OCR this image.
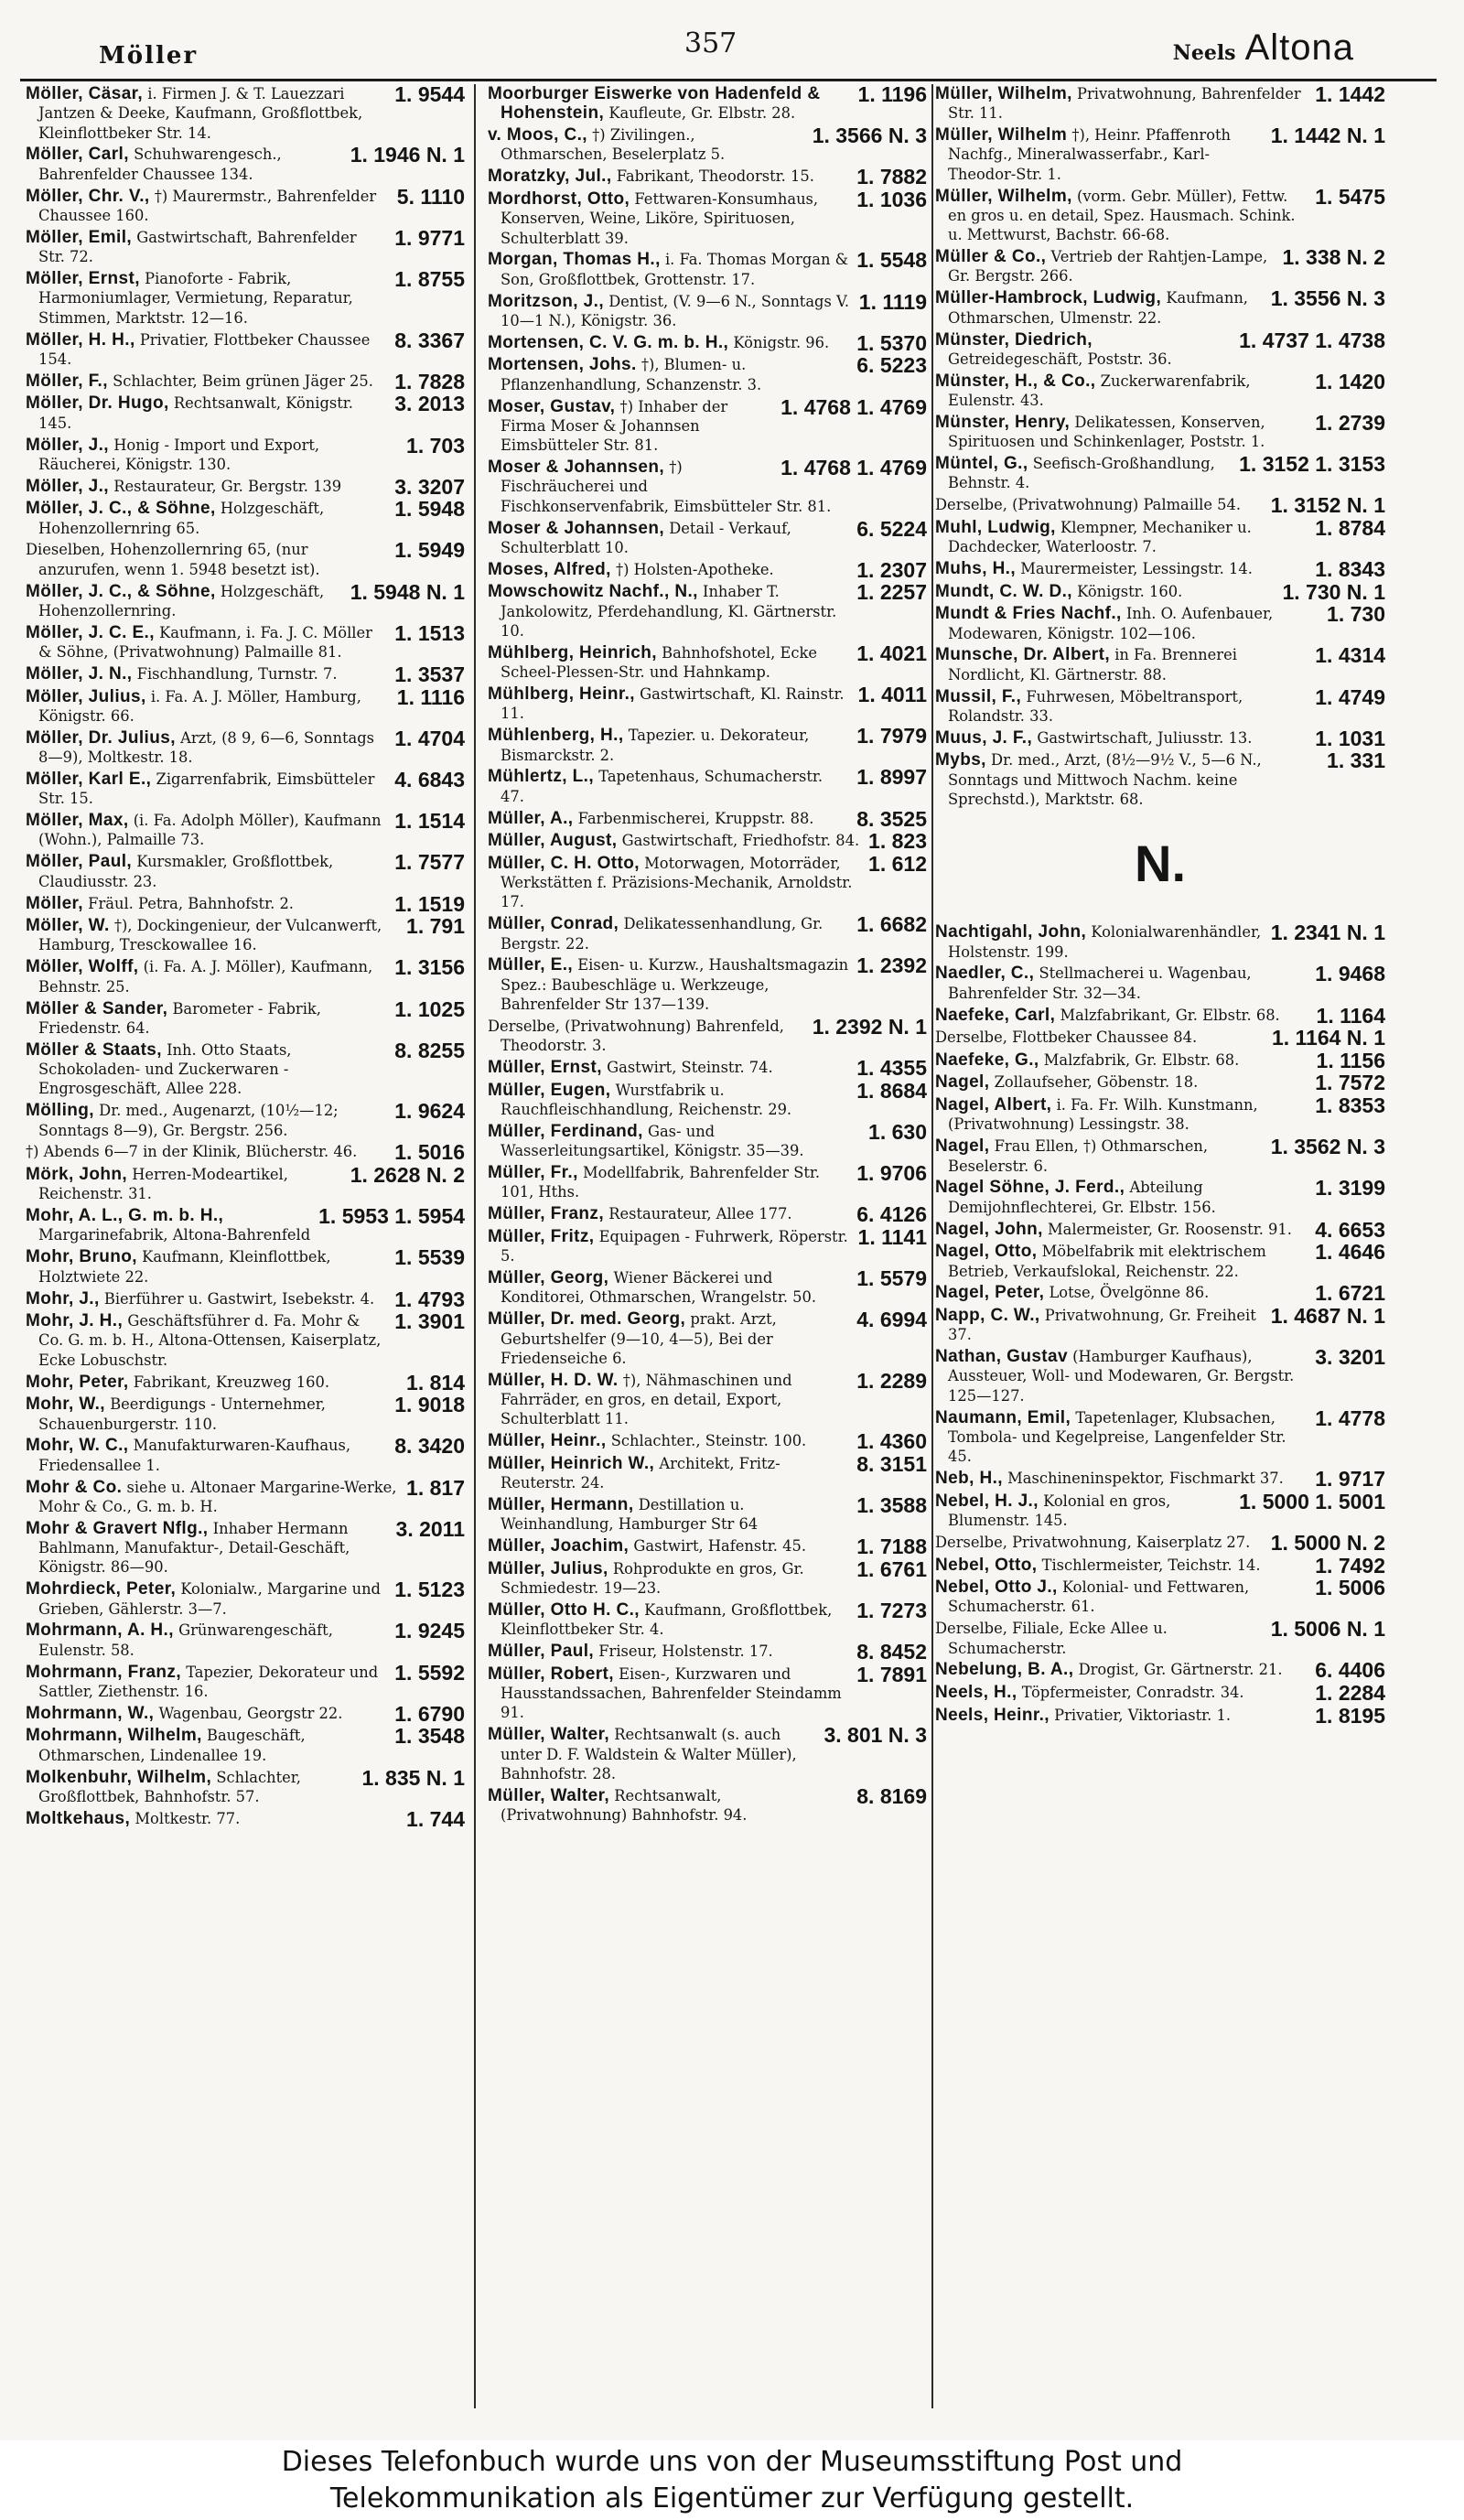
Möller	357	Neels Altona
1. 9544
Möller, Cäsar, i. Firmen J. & T. Lauezzari Jantzen & Deeke, Kaufmann, Großflottbek, Kleinflottbeker Str. 14.
1. 1946 N. 1
Möller, Carl, Schuhwarengesch., Bahrenfelder Chaussee 134.
5. 1110
Möller, Chr. V., †) Maurermstr., Bahrenfelder Chaussee 160.
1. 9771
Möller, Emil, Gastwirtschaft, Bahrenfelder Str. 72.
1. 8755
Möller, Ernst, Pianoforte - Fabrik, Harmoniumlager, Vermietung, Reparatur, Stimmen, Marktstr. 12—16.
8. 3367
Möller, H. H., Privatier, Flottbeker Chaussee 154.
1. 7828
Möller, F., Schlachter, Beim grünen Jäger 25.
3. 2013
Möller, Dr. Hugo, Rechtsanwalt, Königstr. 145.
1. 703
Möller, J., Honig - Import und Export, Räucherei, Königstr. 130.
3. 3207
Möller, J., Restaurateur, Gr. Bergstr. 139
1. 5948
Möller, J. C., & Söhne, Holzgeschäft, Hohenzollernring 65.
1. 5949
Dieselben, Hohenzollernring 65, (nur anzurufen, wenn 1. 5948 besetzt ist).
1. 5948 N. 1
Möller, J. C., & Söhne, Holzgeschäft, Hohenzollernring.
1. 1513
Möller, J. C. E., Kaufmann, i. Fa. J. C. Möller & Söhne, (Privatwohnung) Palmaille 81.
1. 3537
Möller, J. N., Fischhandlung, Turnstr. 7.
1. 1116
Möller, Julius, i. Fa. A. J. Möller, Hamburg, Königstr. 66.
1. 4704
Möller, Dr. Julius, Arzt, (8 9, 6—6, Sonntags 8—9), Moltkestr. 18.
4. 6843
Möller, Karl E., Zigarrenfabrik, Eimsbütteler Str. 15.
1. 1514
Möller, Max, (i. Fa. Adolph Möller), Kaufmann (Wohn.), Palmaille 73.
1. 7577
Möller, Paul, Kursmakler, Großflottbek, Claudiusstr. 23.
1. 1519
Möller, Fräul. Petra, Bahnhofstr. 2.
1. 791
Möller, W. †), Dockingenieur, der Vulcanwerft, Hamburg, Tresckowallee 16.
1. 3156
Möller, Wolff, (i. Fa. A. J. Möller), Kaufmann, Behnstr. 25.
1. 1025
Möller & Sander, Barometer - Fabrik, Friedenstr. 64.
8. 8255
Möller & Staats, Inh. Otto Staats, Schokoladen- und Zuckerwaren - Engrosgeschäft, Allee 228.
1. 9624
Mölling, Dr. med., Augenarzt, (10½—12; Sonntags 8—9), Gr. Bergstr. 256.
1. 5016
†) Abends 6—7 in der Klinik, Blücherstr. 46.
1. 2628 N. 2
Mörk, John, Herren-Modeartikel, Reichenstr. 31.
1. 5953 1. 5954
Mohr, A. L., G. m. b. H., Margarinefabrik, Altona-Bahrenfeld
1. 5539
Mohr, Bruno, Kaufmann, Kleinflottbek, Holztwiete 22.
1. 4793
Mohr, J., Bierführer u. Gastwirt, Isebekstr. 4.
1. 3901
Mohr, J. H., Geschäftsführer d. Fa. Mohr & Co. G. m. b. H., Altona-Ottensen, Kaiserplatz, Ecke Lobuschstr.
1. 814
Mohr, Peter, Fabrikant, Kreuzweg 160.
1. 9018
Mohr, W., Beerdigungs - Unternehmer, Schauenburgerstr. 110.
8. 3420
Mohr, W. C., Manufakturwaren-Kaufhaus, Friedensallee 1.
1. 817
Mohr & Co. siehe u. Altonaer Margarine-Werke, Mohr & Co., G. m. b. H.
3. 2011
Mohr & Gravert Nflg., Inhaber Hermann Bahlmann, Manufaktur-, Detail-Geschäft, Königstr. 86—90.
1. 5123
Mohrdieck, Peter, Kolonialw., Margarine und Grieben, Gählerstr. 3—7.
1. 9245
Mohrmann, A. H., Grünwarengeschäft, Eulenstr. 58.
1. 5592
Mohrmann, Franz, Tapezier, Dekorateur und Sattler, Ziethenstr. 16.
1. 6790
Mohrmann, W., Wagenbau, Georgstr 22.
1. 3548
Mohrmann, Wilhelm, Baugeschäft, Othmarschen, Lindenallee 19.
1. 835 N. 1
Molkenbuhr, Wilhelm, Schlachter, Großflottbek, Bahnhofstr. 57.
1. 744
Moltkehaus, Moltkestr. 77.
1. 1196
Moorburger Eiswerke von Hadenfeld & Hohenstein, Kaufleute, Gr. Elbstr. 28.
1. 3566 N. 3
v. Moos, C., †) Zivilingen., Othmarschen, Beselerplatz 5.
1. 7882
Moratzky, Jul., Fabrikant, Theodorstr. 15.
1. 1036
Mordhorst, Otto, Fettwaren-Konsumhaus, Konserven, Weine, Liköre, Spirituosen, Schulterblatt 39.
1. 5548
Morgan, Thomas H., i. Fa. Thomas Morgan & Son, Großflottbek, Grottenstr. 17.
1. 1119
Moritzson, J., Dentist, (V. 9—6 N., Sonntags V. 10—1 N.), Königstr. 36.
1. 5370
Mortensen, C. V. G. m. b. H., Königstr. 96.
6. 5223
Mortensen, Johs. †), Blumen- u. Pflanzenhandlung, Schanzenstr. 3.
1. 4768 1. 4769
Moser, Gustav, †) Inhaber der Firma Moser & Johannsen Eimsbütteler Str. 81.
1. 4768 1. 4769
Moser & Johannsen, †) Fischräucherei und Fischkonservenfabrik, Eimsbütteler Str. 81.
6. 5224
Moser & Johannsen, Detail - Verkauf, Schulterblatt 10.
1. 2307
Moses, Alfred, †) Holsten-Apotheke.
1. 2257
Mowschowitz Nachf., N., Inhaber T. Jankolowitz, Pferdehandlung, Kl. Gärtnerstr. 10.
1. 4021
Mühlberg, Heinrich, Bahnhofshotel, Ecke Scheel-Plessen-Str. und Hahnkamp.
1. 4011
Mühlberg, Heinr., Gastwirtschaft, Kl. Rainstr. 11.
1. 7979
Mühlenberg, H., Tapezier. u. Dekorateur, Bismarckstr. 2.
1. 8997
Mühlertz, L., Tapetenhaus, Schumacherstr. 47.
8. 3525
Müller, A., Farbenmischerei, Kruppstr. 88.
1. 823
Müller, August, Gastwirtschaft, Friedhofstr. 84.
1. 612
Müller, C. H. Otto, Motorwagen, Motorräder, Werkstätten f. Präzisions-Mechanik, Arnoldstr. 17.
1. 6682
Müller, Conrad, Delikatessenhandlung, Gr. Bergstr. 22.
1. 2392
Müller, E., Eisen- u. Kurzw., Haushaltsmagazin Spez.: Baubeschläge u. Werkzeuge, Bahrenfelder Str 137—139.
1. 2392 N. 1
Derselbe, (Privatwohnung) Bahrenfeld, Theodorstr. 3.
1. 4355
Müller, Ernst, Gastwirt, Steinstr. 74.
1. 8684
Müller, Eugen, Wurstfabrik u. Rauchfleischhandlung, Reichenstr. 29.
1. 630
Müller, Ferdinand, Gas- und Wasserleitungsartikel, Königstr. 35—39.
1. 9706
Müller, Fr., Modellfabrik, Bahrenfelder Str. 101, Hths.
6. 4126
Müller, Franz, Restaurateur, Allee 177.
1. 1141
Müller, Fritz, Equipagen - Fuhrwerk, Röperstr. 5.
1. 5579
Müller, Georg, Wiener Bäckerei und Konditorei, Othmarschen, Wrangelstr. 50.
4. 6994
Müller, Dr. med. Georg, prakt. Arzt, Geburtshelfer (9—10, 4—5), Bei der Friedenseiche 6.
1. 2289
Müller, H. D. W. †), Nähmaschinen und Fahrräder, en gros, en detail, Export, Schulterblatt 11.
1. 4360
Müller, Heinr., Schlachter., Steinstr. 100.
8. 3151
Müller, Heinrich W., Architekt, Fritz-Reuterstr. 24.
1. 3588
Müller, Hermann, Destillation u. Weinhandlung, Hamburger Str 64
1. 7188
Müller, Joachim, Gastwirt, Hafenstr. 45.
1. 6761
Müller, Julius, Rohprodukte en gros, Gr. Schmiedestr. 19—23.
1. 7273
Müller, Otto H. C., Kaufmann, Großflottbek, Kleinflottbeker Str. 4.
8. 8452
Müller, Paul, Friseur, Holstenstr. 17.
1. 7891
Müller, Robert, Eisen-, Kurzwaren und Hausstandssachen, Bahrenfelder Steindamm 91.
3. 801 N. 3
Müller, Walter, Rechtsanwalt (s. auch unter D. F. Waldstein & Walter Müller), Bahnhofstr. 28.
8. 8169
Müller, Walter, Rechtsanwalt, (Privatwohnung) Bahnhofstr. 94.
1. 1442
Müller, Wilhelm, Privatwohnung, Bahrenfelder Str. 11.
1. 1442 N. 1
Müller, Wilhelm †), Heinr. Pfaffenroth Nachfg., Mineralwasserfabr., Karl-Theodor-Str. 1.
1. 5475
Müller, Wilhelm, (vorm. Gebr. Müller), Fettw. en gros u. en detail, Spez. Hausmach. Schink. u. Mettwurst, Bachstr. 66-68.
1. 338 N. 2
Müller & Co., Vertrieb der Rahtjen-Lampe, Gr. Bergstr. 266.
1. 3556 N. 3
Müller-Hambrock, Ludwig, Kaufmann, Othmarschen, Ulmenstr. 22.
1. 4737 1. 4738
Münster, Diedrich, Getreidegeschäft, Poststr. 36.
1. 1420
Münster, H., & Co., Zuckerwarenfabrik, Eulenstr. 43.
1. 2739
Münster, Henry, Delikatessen, Konserven, Spirituosen und Schinkenlager, Poststr. 1.
1. 3152 1. 3153
Müntel, G., Seefisch-Großhandlung, Behnstr. 4.
1. 3152 N. 1
Derselbe, (Privatwohnung) Palmaille 54.
1. 8784
Muhl, Ludwig, Klempner, Mechaniker u. Dachdecker, Waterloostr. 7.
1. 8343
Muhs, H., Maurermeister, Lessingstr. 14.
1. 730 N. 1
Mundt, C. W. D., Königstr. 160.
1. 730
Mundt & Fries Nachf., Inh. O. Aufenbauer, Modewaren, Königstr. 102—106.
1. 4314
Munsche, Dr. Albert, in Fa. Brennerei Nordlicht, Kl. Gärtnerstr. 88.
1. 4749
Mussil, F., Fuhrwesen, Möbeltransport, Rolandstr. 33.
1. 1031
Muus, J. F., Gastwirtschaft, Juliusstr. 13.
1. 331
Mybs, Dr. med., Arzt, (8½—9½ V., 5—6 N., Sonntags und Mittwoch Nachm. keine Sprechstd.), Marktstr. 68.
N.
1. 2341 N. 1
Nachtigahl, John, Kolonialwarenhändler, Holstenstr. 199.
1. 9468
Naedler, C., Stellmacherei u. Wagenbau, Bahrenfelder Str. 32—34.
1. 1164
Naefeke, Carl, Malzfabrikant, Gr. Elbstr. 68.
1. 1164 N. 1
Derselbe, Flottbeker Chaussee 84.
1. 1156
Naefeke, G., Malzfabrik, Gr. Elbstr. 68.
1. 7572
Nagel, Zollaufseher, Göbenstr. 18.
1. 8353
Nagel, Albert, i. Fa. Fr. Wilh. Kunstmann, (Privatwohnung) Lessingstr. 38.
1. 3562 N. 3
Nagel, Frau Ellen, †) Othmarschen, Beselerstr. 6.
1. 3199
Nagel Söhne, J. Ferd., Abteilung Demijohnflechterei, Gr. Elbstr. 156.
4. 6653
Nagel, John, Malermeister, Gr. Roosenstr. 91.
1. 4646
Nagel, Otto, Möbelfabrik mit elektrischem Betrieb, Verkaufslokal, Reichenstr. 22.
1. 6721
Nagel, Peter, Lotse, Övelgönne 86.
1. 4687 N. 1
Napp, C. W., Privatwohnung, Gr. Freiheit 37.
3. 3201
Nathan, Gustav (Hamburger Kaufhaus), Aussteuer, Woll- und Modewaren, Gr. Bergstr. 125—127.
1. 4778
Naumann, Emil, Tapetenlager, Klubsachen, Tombola- und Kegelpreise, Langenfelder Str. 45.
1. 9717
Neb, H., Maschineninspektor, Fischmarkt 37.
1. 5000 1. 5001
Nebel, H. J., Kolonial en gros, Blumenstr. 145.
1. 5000 N. 2
Derselbe, Privatwohnung, Kaiserplatz 27.
1. 7492
Nebel, Otto, Tischlermeister, Teichstr. 14.
1. 5006
Nebel, Otto J., Kolonial- und Fettwaren, Schumacherstr. 61.
1. 5006 N. 1
Derselbe, Filiale, Ecke Allee u. Schumacherstr.
6. 4406
Nebelung, B. A., Drogist, Gr. Gärtnerstr. 21.
1. 2284
Neels, H., Töpfermeister, Conradstr. 34.
1. 8195
Neels, Heinr., Privatier, Viktoriastr. 1.
Dieses Telefonbuch wurde uns von der Museumsstiftung Post und
Telekommunikation als Eigentümer zur Verfügung gestellt.
